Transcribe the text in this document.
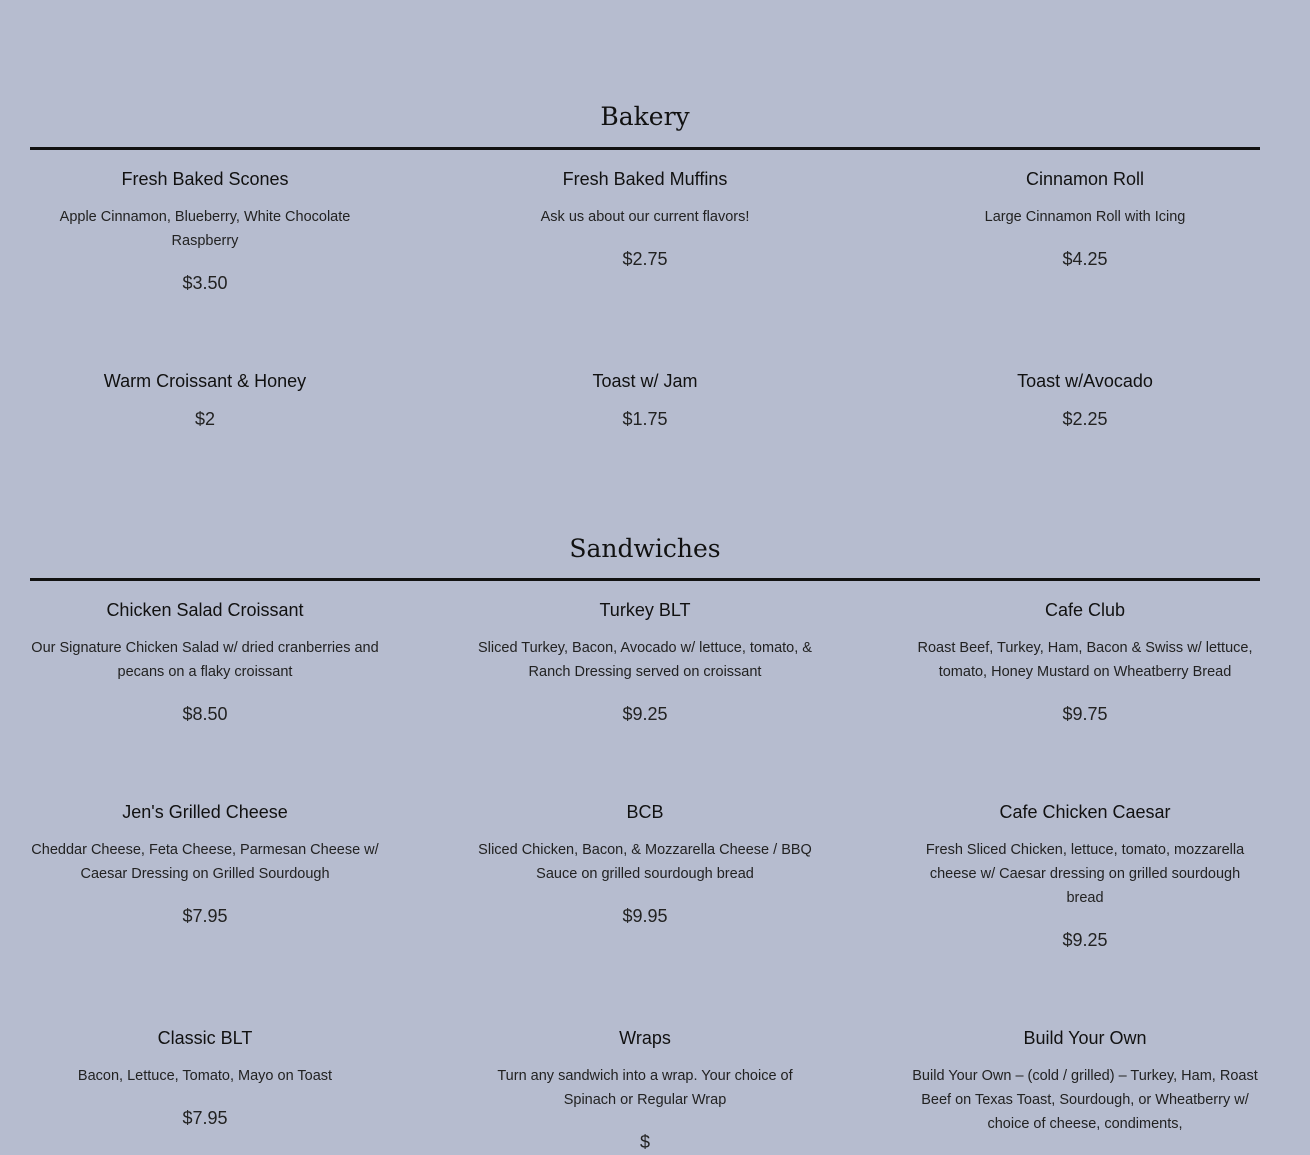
Bakery
Fresh Baked Scones
Apple Cinnamon, Blueberry, White Chocolate Raspberry
$3.50
Fresh Baked Muffins
Ask us about our current flavors!
$2.75
Cinnamon Roll
Large Cinnamon Roll with Icing
$4.25
Warm Croissant & Honey
$2
Toast w/ Jam
$1.75
Toast w/Avocado
$2.25
Sandwiches
Chicken Salad Croissant
Our Signature Chicken Salad w/ dried cranberries and pecans on a flaky croissant
$8.50
Turkey BLT
Sliced Turkey, Bacon, Avocado w/ lettuce, tomato, & Ranch Dressing served on croissant
$9.25
Cafe Club
Roast Beef, Turkey, Ham, Bacon & Swiss w/ lettuce, tomato, Honey Mustard on Wheatberry Bread
$9.75
Jen's Grilled Cheese
Cheddar Cheese, Feta Cheese, Parmesan Cheese w/ Caesar Dressing on Grilled Sourdough
$7.95
BCB
Sliced Chicken, Bacon, & Mozzarella Cheese / BBQ Sauce on grilled sourdough bread
$9.95
Cafe Chicken Caesar
Fresh Sliced Chicken, lettuce, tomato, mozzarella cheese w/ Caesar dressing on grilled sourdough bread
$9.25
Classic BLT
Bacon, Lettuce, Tomato, Mayo on Toast
$7.95
Wraps
Turn any sandwich into a wrap. Your choice of Spinach or Regular Wrap
$
Build Your Own
Build Your Own – (cold / grilled) – Turkey, Ham, Roast Beef on Texas Toast, Sourdough, or Wheatberry w/ choice of cheese, condiments,
